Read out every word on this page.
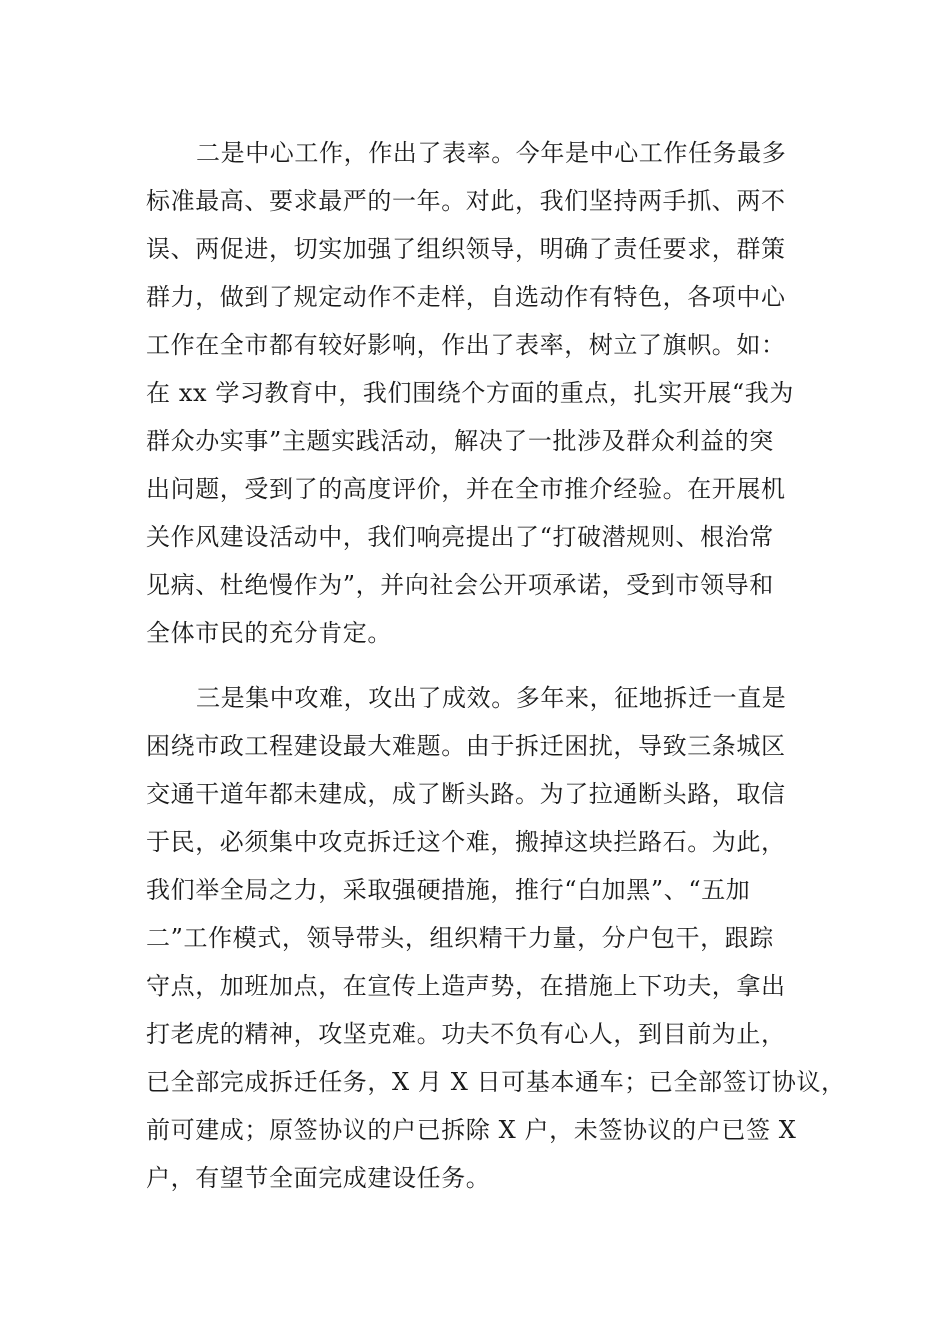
二是中心工作，作出了表率。今年是中心工作任务最多
标准最高、要求最严的一年。对此，我们坚持两手抓、两不
误、两促进，切实加强了组织领导，明确了责任要求，群策
群力，做到了规定动作不走样，自选动作有特色，各项中心
工作在全市都有较好影响，作出了表率，树立了旗帜。如：
在 xx 学习教育中，我们围绕个方面的重点，扎实开展“我为
群众办实事”主题实践活动，解决了一批涉及群众利益的突
出问题，受到了的高度评价，并在全市推介经验。在开展机
关作风建设活动中，我们响亮提出了“打破潜规则、根治常
见病、杜绝慢作为”，并向社会公开项承诺，受到市领导和
全体市民的充分肯定。
三是集中攻难，攻出了成效。多年来，征地拆迁一直是
困绕市政工程建设最大难题。由于拆迁困扰，导致三条城区
交通干道年都未建成，成了断头路。为了拉通断头路，取信
于民，必须集中攻克拆迁这个难，搬掉这块拦路石。为此，
我们举全局之力，采取强硬措施，推行“白加黑”、“五加
二”工作模式，领导带头，组织精干力量，分户包干，跟踪
守点，加班加点，在宣传上造声势，在措施上下功夫，拿出
打老虎的精神，攻坚克难。功夫不负有心人，到目前为止，
已全部完成拆迁任务，X 月 X 日可基本通车；已全部签订协议，
前可建成；原签协议的户已拆除 X 户，未签协议的户已签 X
户，有望节全面完成建设任务。
